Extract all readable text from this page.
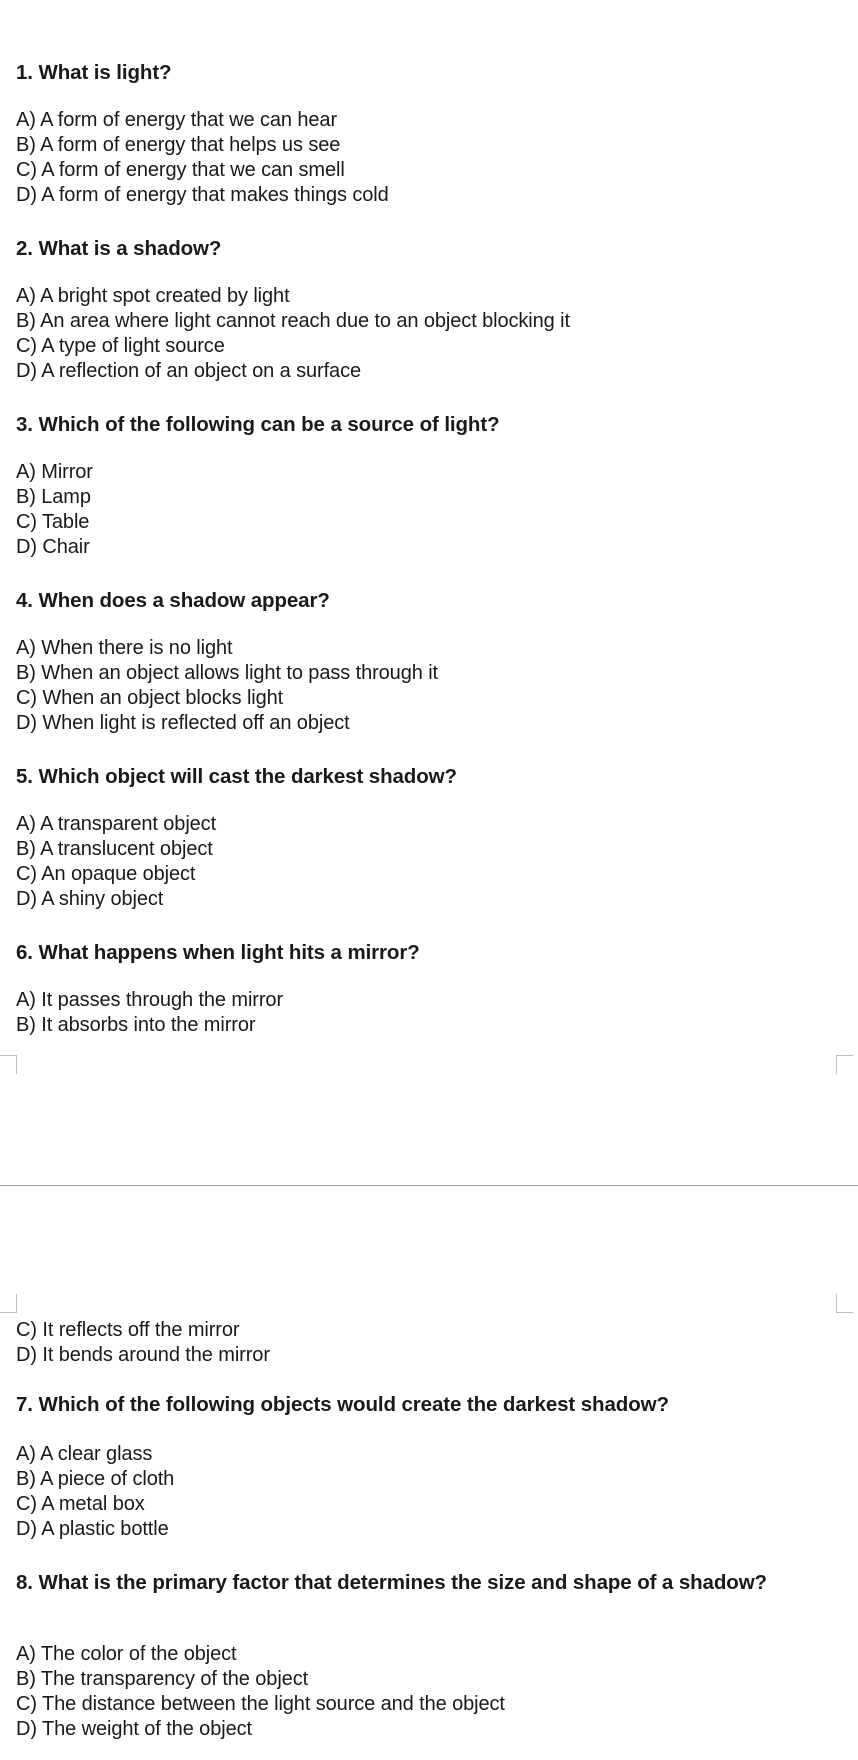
1. What is light?
A) A form of energy that we can hear
B) A form of energy that helps us see
C) A form of energy that we can smell
D) A form of energy that makes things cold
2. What is a shadow?
A) A bright spot created by light
B) An area where light cannot reach due to an object blocking it
C) A type of light source
D) A reflection of an object on a surface
3. Which of the following can be a source of light?
A) Mirror
B) Lamp
C) Table
D) Chair
4. When does a shadow appear?
A) When there is no light
B) When an object allows light to pass through it
C) When an object blocks light
D) When light is reflected off an object
5. Which object will cast the darkest shadow?
A) A transparent object
B) A translucent object
C) An opaque object
D) A shiny object
6. What happens when light hits a mirror?
A) It passes through the mirror
B) It absorbs into the mirror
C) It reflects off the mirror
D) It bends around the mirror
7. Which of the following objects would create the darkest shadow?
A) A clear glass
B) A piece of cloth
C) A metal box
D) A plastic bottle
8. What is the primary factor that determines the size and shape of a shadow?
A) The color of the object
B) The transparency of the object
C) The distance between the light source and the object
D) The weight of the object
